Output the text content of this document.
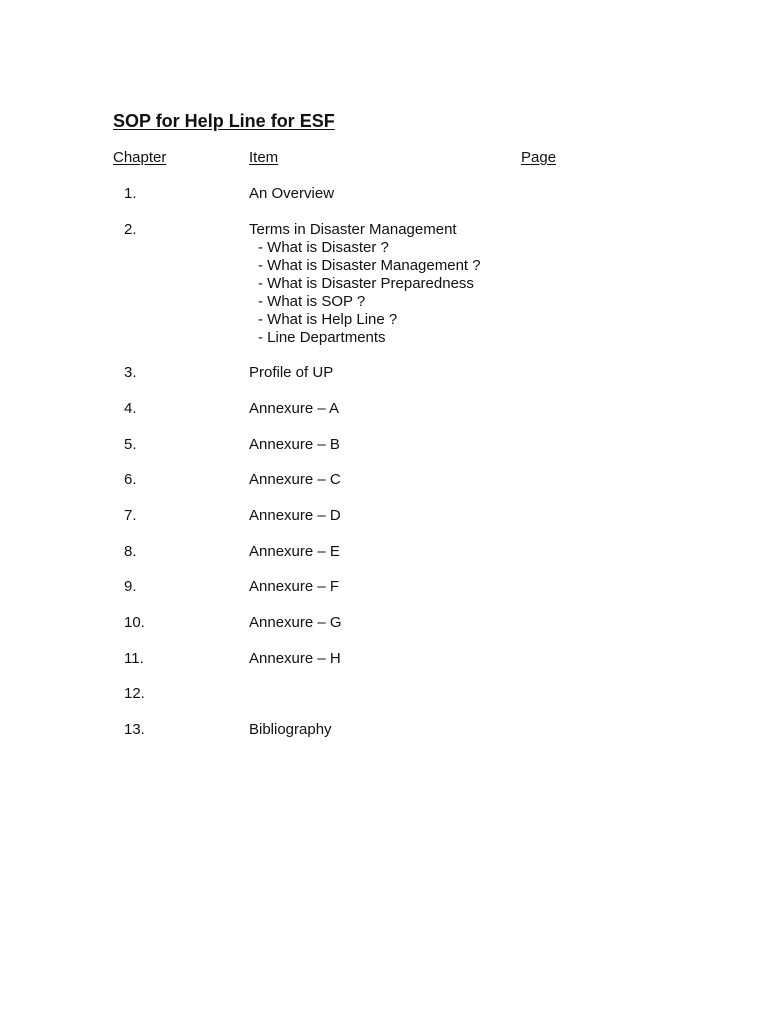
SOP for Help Line for ESF
Chapter	Item	Page
1.	An Overview
2.	Terms in Disaster Management
- What is Disaster ?
- What is Disaster Management ?
- What is Disaster Preparedness
- What is SOP ?
- What is Help Line ?
- Line Departments
3.	Profile of UP
4.	Annexure – A
5.	Annexure – B
6.	Annexure – C
7.	Annexure – D
8.	Annexure – E
9.	Annexure – F
10.	Annexure – G
11.	Annexure – H
12.
13.	Bibliography
